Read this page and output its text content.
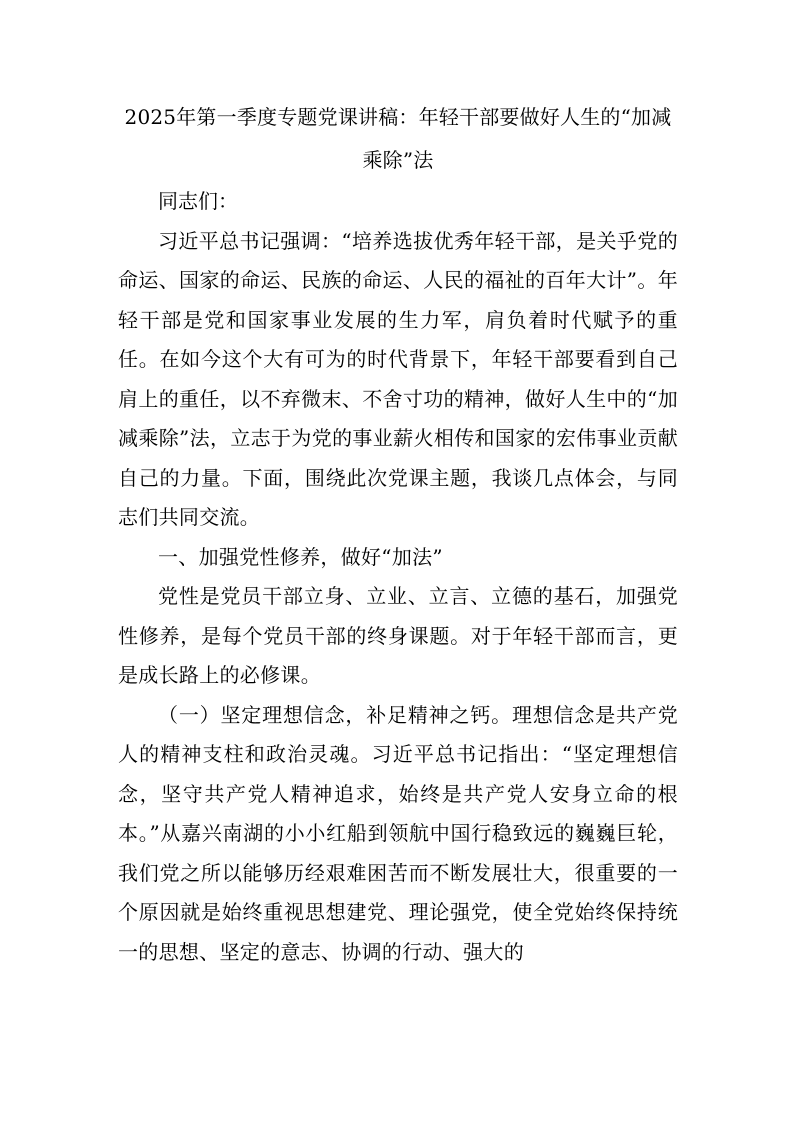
2025年第一季度专题党课讲稿：年轻干部要做好人生的“加减乘除”法

同志们：

习近平总书记强调：“培养选拔优秀年轻干部，是关乎党的命运、国家的命运、民族的命运、人民的福祉的百年大计”。年轻干部是党和国家事业发展的生力军，肩负着时代赋予的重任。在如今这个大有可为的时代背景下，年轻干部要看到自己肩上的重任，以不弃微末、不舍寸功的精神，做好人生中的“加减乘除”法，立志于为党的事业薪火相传和国家的宏伟事业贡献自己的力量。下面，围绕此次党课主题，我谈几点体会，与同志们共同交流。

一、加强党性修养，做好“加法”

党性是党员干部立身、立业、立言、立德的基石，加强党性修养，是每个党员干部的终身课题。对于年轻干部而言，更是成长路上的必修课。

（一）坚定理想信念，补足精神之钙。理想信念是共产党人的精神支柱和政治灵魂。习近平总书记指出：“坚定理想信念，坚守共产党人精神追求，始终是共产党人安身立命的根本。”从嘉兴南湖的小小红船到领航中国行稳致远的巍巍巨轮，我们党之所以能够历经艰难困苦而不断发展壮大，很重要的一个原因就是始终重视思想建党、理论强党，使全党始终保持统一的思想、坚定的意志、协调的行动、强大的
